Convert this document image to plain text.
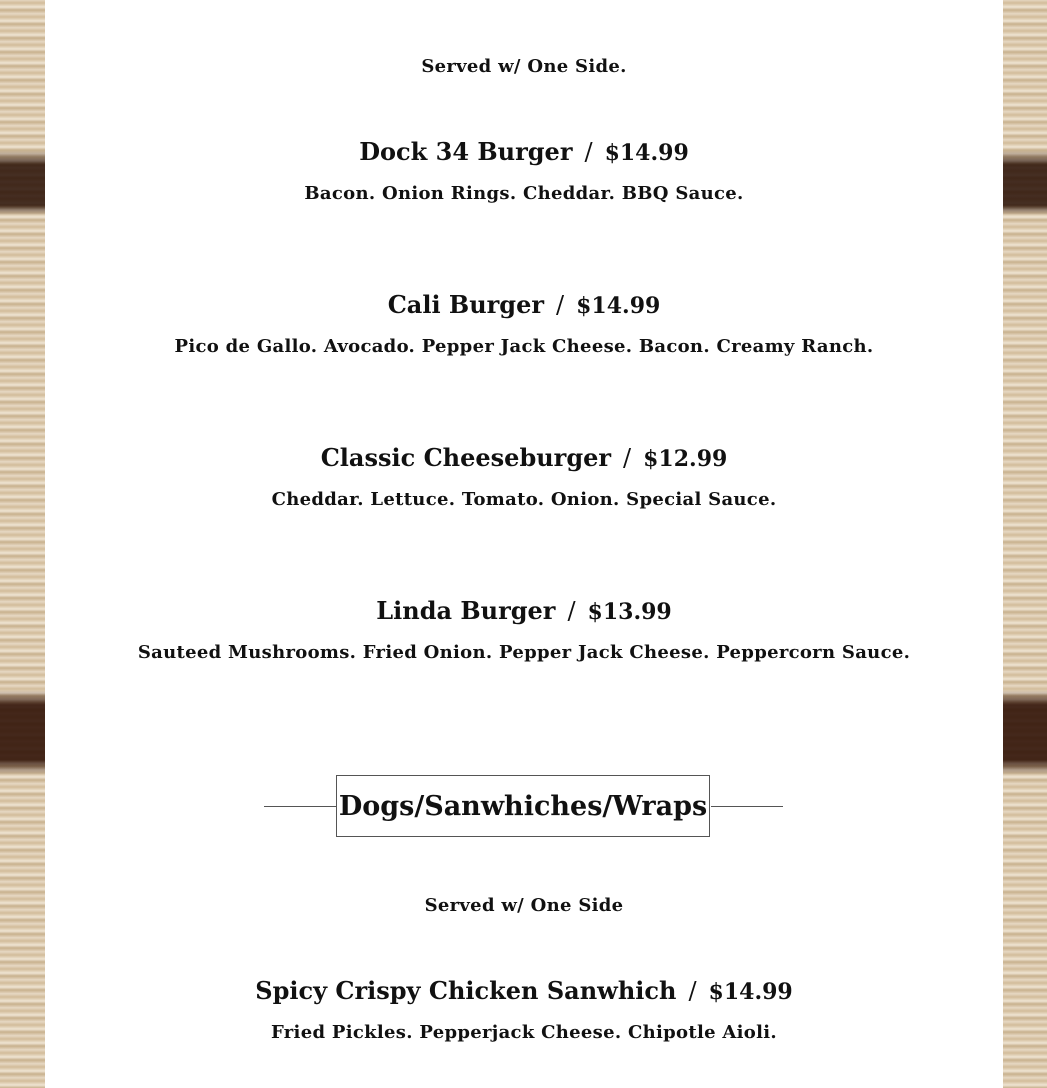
Served w/ One Side.
Dock 34 Burger / $14.99
Bacon. Onion Rings. Cheddar. BBQ Sauce.
Cali Burger / $14.99
Pico de Gallo. Avocado. Pepper Jack Cheese. Bacon. Creamy Ranch.
Classic Cheeseburger / $12.99
Cheddar. Lettuce. Tomato. Onion. Special Sauce.
Linda Burger / $13.99
Sauteed Mushrooms. Fried Onion. Pepper Jack Cheese. Peppercorn Sauce.
Dogs/Sanwhiches/Wraps
Served w/ One Side
Spicy Crispy Chicken Sanwhich / $14.99
Fried Pickles. Pepperjack Cheese. Chipotle Aioli.
